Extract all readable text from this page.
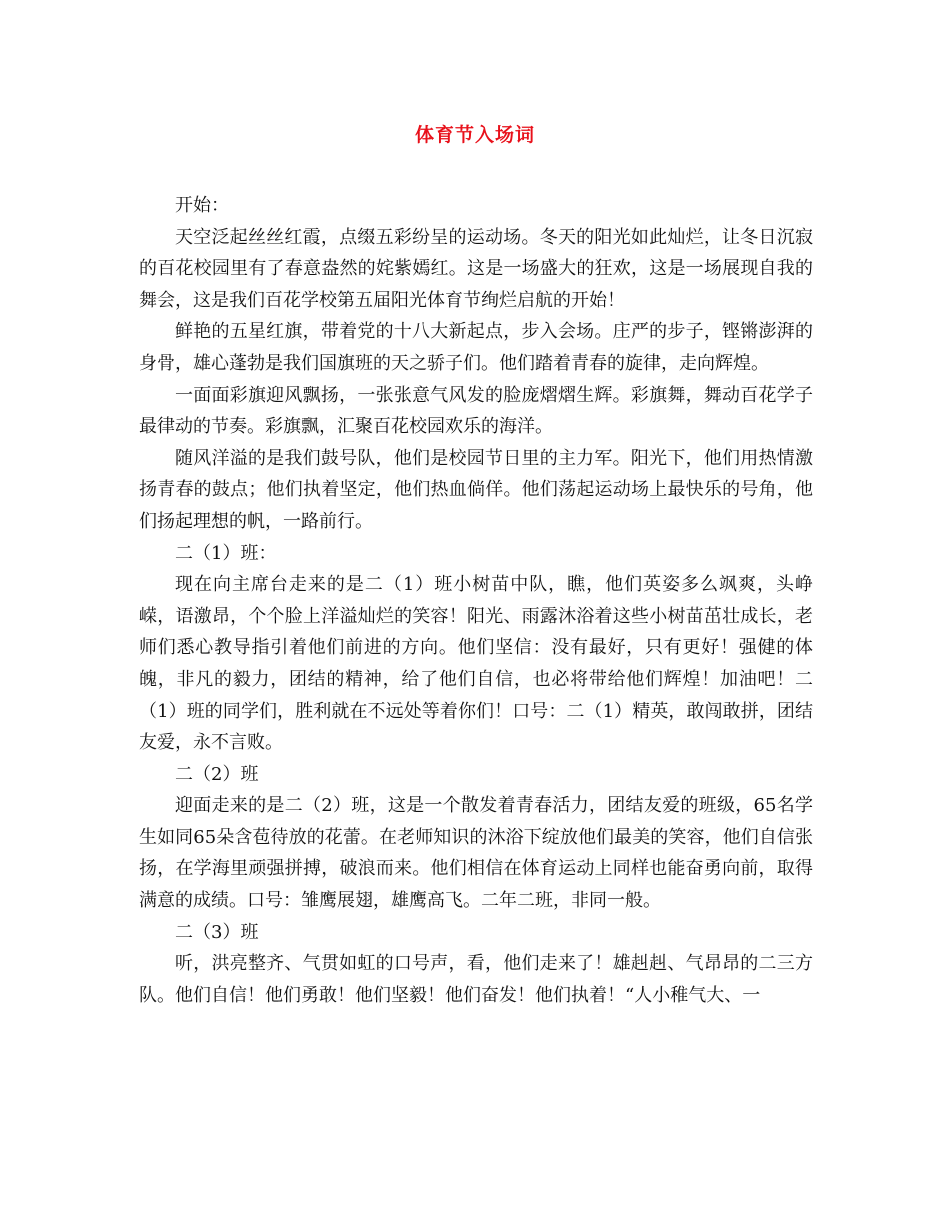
体育节入场词

开始：

天空泛起丝丝红霞，点缀五彩纷呈的运动场。冬天的阳光如此灿烂，让冬日沉寂的百花校园里有了春意盎然的姹紫嫣红。这是一场盛大的狂欢，这是一场展现自我的舞会，这是我们百花学校第五届阳光体育节绚烂启航的开始！

鲜艳的五星红旗，带着党的十八大新起点，步入会场。庄严的步子，铿锵澎湃的身骨，雄心蓬勃是我们国旗班的天之骄子们。他们踏着青春的旋律，走向辉煌。

一面面彩旗迎风飘扬，一张张意气风发的脸庞熠熠生辉。彩旗舞，舞动百花学子最律动的节奏。彩旗飘，汇聚百花校园欢乐的海洋。

随风洋溢的是我们鼓号队，他们是校园节日里的主力军。阳光下，他们用热情激扬青春的鼓点；他们执着坚定，他们热血倘佯。他们荡起运动场上最快乐的号角，他们扬起理想的帆，一路前行。

二（1）班：

现在向主席台走来的是二（1）班小树苗中队，瞧，他们英姿多么飒爽，头峥嵘，语激昂，个个脸上洋溢灿烂的笑容！阳光、雨露沐浴着这些小树苗茁壮成长，老师们悉心教导指引着他们前进的方向。他们坚信：没有最好，只有更好！强健的体魄，非凡的毅力，团结的精神，给了他们自信，也必将带给他们辉煌！加油吧！二（1）班的同学们，胜利就在不远处等着你们！口号：二（1）精英，敢闯敢拼，团结友爱，永不言败。

二（2）班

迎面走来的是二（2）班，这是一个散发着青春活力，团结友爱的班级，65名学生如同65朵含苞待放的花蕾。在老师知识的沐浴下绽放他们最美的笑容，他们自信张扬，在学海里顽强拼搏，破浪而来。他们相信在体育运动上同样也能奋勇向前，取得满意的成绩。口号：雏鹰展翅，雄鹰高飞。二年二班，非同一般。

二（3）班

听，洪亮整齐、气贯如虹的口号声，看，他们走来了！雄赳赳、气昂昂的二三方队。他们自信！他们勇敢！他们坚毅！他们奋发！他们执着！“人小稚气大、一
